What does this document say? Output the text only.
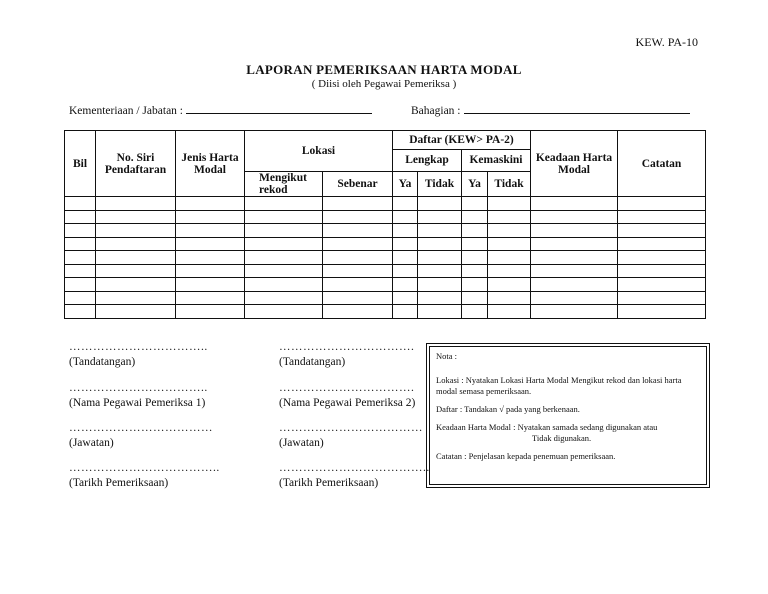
KEW. PA-10
LAPORAN PEMERIKSAAN HARTA MODAL
( Diisi oleh Pegawai Pemeriksa )
Kementeriaan / Jabatan :	Bahagian :
Bil	No. Siri Pendaftaran	Jenis Harta Modal	Lokasi		Daftar (KEW> PA-2)				Keadaan Harta Modal	Catatan
					Lengkap		Kemaskini			
			Mengikut rekod	Sebenar	Ya	Tidak	Ya	Tidak		

……………………………..
(Tandatangan)
……………………………..
(Nama Pegawai Pemeriksa 1)
………………………………
(Jawatan)
………………………………..
(Tarikh Pemeriksaan)
…………………………….
(Tandatangan)
…………………………….
(Nama Pegawai Pemeriksa 2)
………………………………
(Jawatan)
………………………………..
(Tarikh Pemeriksaan)

Nota :

Lokasi : Nyatakan Lokasi Harta Modal Mengikut rekod dan lokasi harta modal semasa pemeriksaan.

Daftar : Tandakan √ pada yang berkenaan.

Keadaan Harta Modal : Nyatakan samada sedang digunakan atau

Tidak digunakan.

Catatan : Penjelasan kepada penemuan pemeriksaan.
